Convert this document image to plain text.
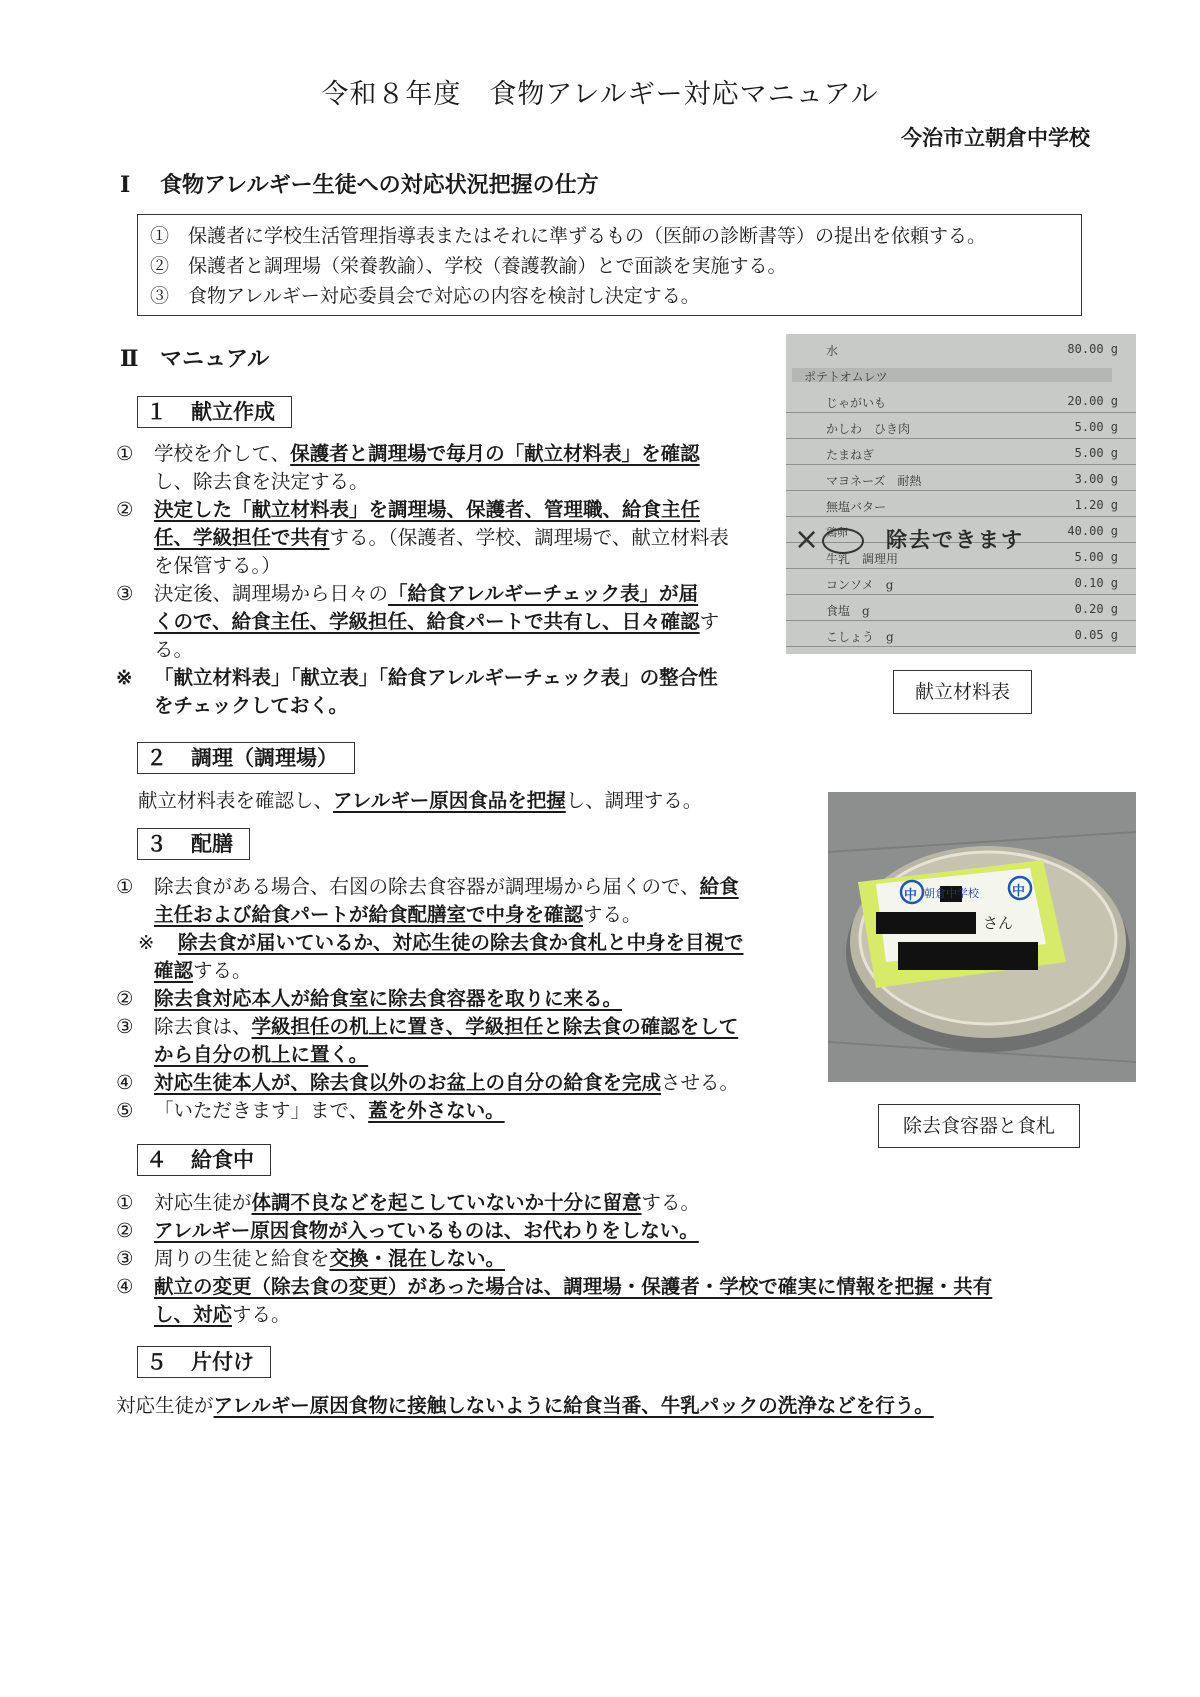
令和８年度　食物アレルギー対応マニュアル
今治市立朝倉中学校
Ⅰ 食物アレルギー生徒への対応状況把握の仕方
①　保護者に学校生活管理指導表またはそれに準ずるもの（医師の診断書等）の提出を依頼する。
②　保護者と調理場（栄養教諭）、学校（養護教諭）とで面談を実施する。
③　食物アレルギー対応委員会で対応の内容を検討し決定する。
Ⅱ マニュアル
１ 献立作成
① 学校を介して、保護者と調理場で毎月の「献立材料表」を確認
し、除去食を決定する。
② 決定した「献立材料表」を調理場、保護者、管理職、給食主任
任、学級担任で共有する。（保護者、学校、調理場で、献立材料表
を保管する。）
③ 決定後、調理場から日々の「給食アレルギーチェック表」が届
くので、給食主任、学級担任、給食パートで共有し、日々確認す
る。
※ 「献立材料表」「献立表」「給食アレルギーチェック表」の整合性
をチェックしておく。
水	80.00 g
ポテトオムレツ
じゃがいも	20.00 g
かしわ　ひき肉	5.00 g
たまねぎ	5.00 g
マヨネーズ　耐熱	3.00 g
無塩バター	1.20 g
鶏卵	40.00 g
牛乳　調理用	5.00 g
コンソメ　g	0.10 g
食塩　g	0.20 g
こしょう　g	0.05 g
× ○ 除去できます
献立材料表
２ 調理（調理場）
献立材料表を確認し、アレルギー原因食品を把握し、調理する。
３ 配膳
① 除去食がある場合、右図の除去食容器が調理場から届くので、給食
主任および給食パートが給食配膳室で中身を確認する。
※ 除去食が届いているか、対応生徒の除去食か食札と中身を目視で
確認する。
② 除去食対応本人が給食室に除去食容器を取りに来る。
③ 除去食は、学級担任の机上に置き、学級担任と除去食の確認をして
から自分の机上に置く。
④ 対応生徒本人が、除去食以外のお盆上の自分の給食を完成させる。
⑤ 「いただきます」まで、蓋を外さない。
朝倉中学校
中	中
さん
除去食容器と食札
４ 給食中
① 対応生徒が体調不良などを起こしていないか十分に留意する。
② アレルギー原因食物が入っているものは、お代わりをしない。
③ 周りの生徒と給食を交換・混在しない。
④ 献立の変更（除去食の変更）があった場合は、調理場・保護者・学校で確実に情報を把握・共有
し、対応する。
５ 片付け
対応生徒がアレルギー原因食物に接触しないように給食当番、牛乳パックの洗浄などを行う。
